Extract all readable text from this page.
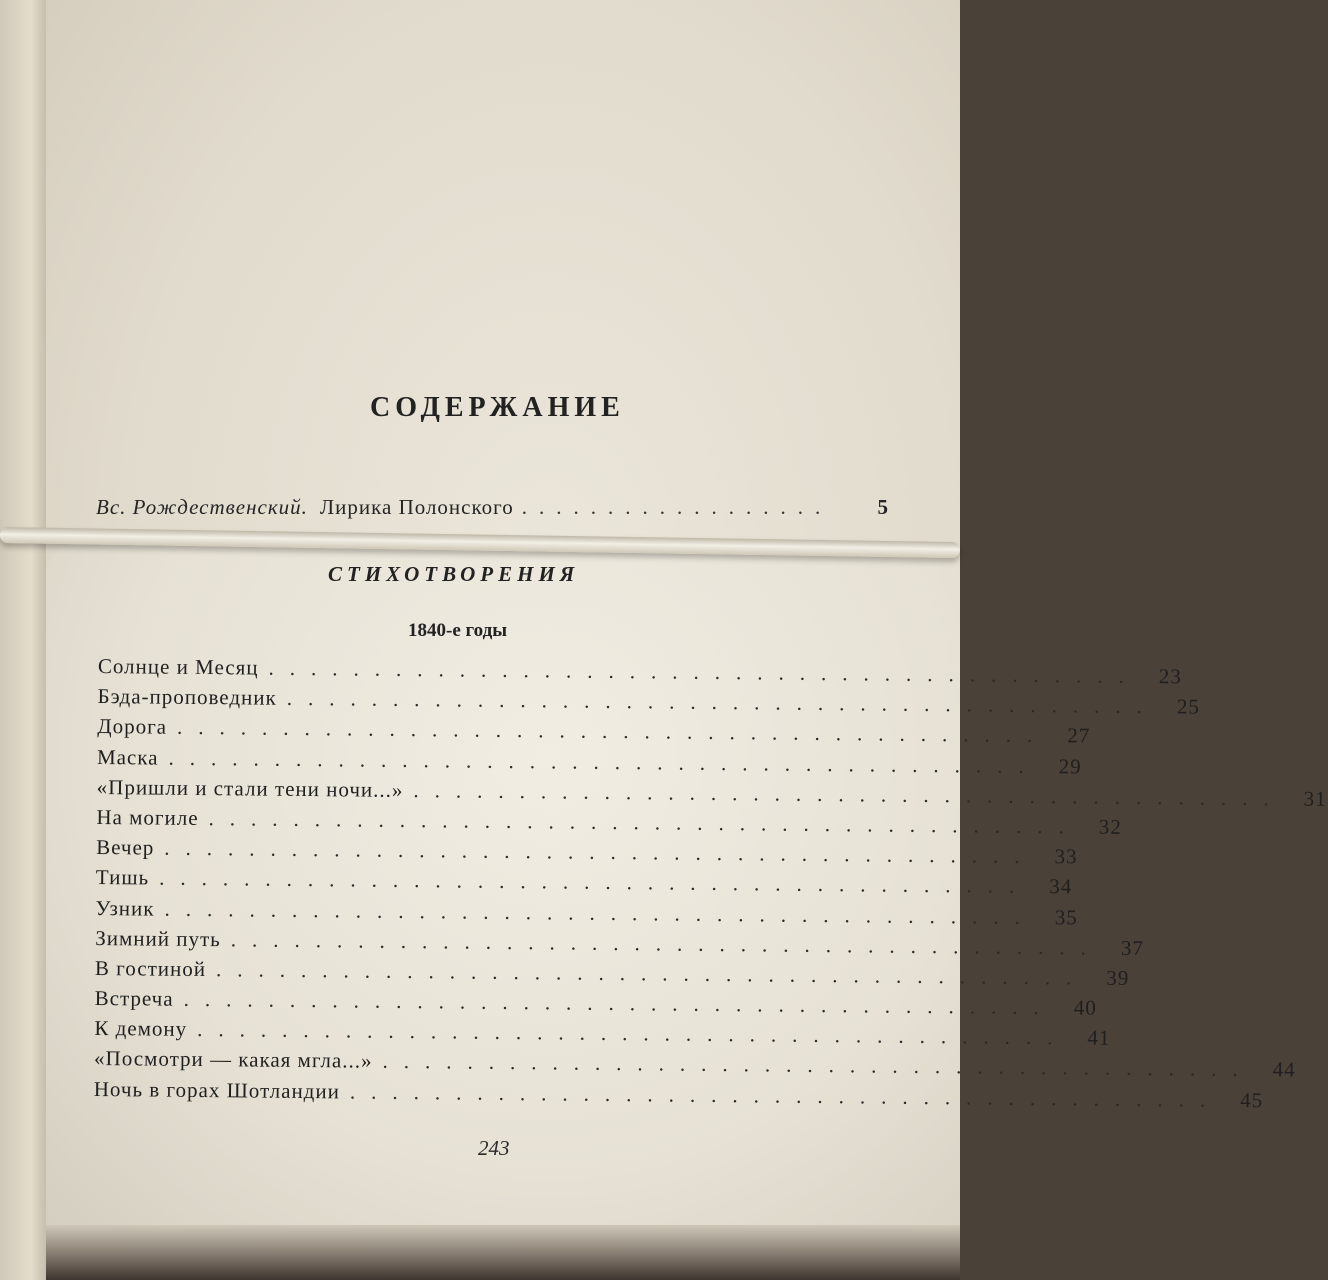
СОДЕРЖАНИЕ
Вс. Рождественский. Лирика Полонского ..................	5
СТИХОТВОРЕНИЯ
1840-е годы
Солнце и Месяц ......................................... 23
Бэда-проповедник ......................................... 25
Дорога ......................................... 27
Маска ......................................... 29
«Пришли и стали тени ночи...» ......................................... 31
На могиле ......................................... 32
Вечер ......................................... 33
Тишь ......................................... 34
Узник ......................................... 35
Зимний путь ......................................... 37
В гостиной ......................................... 39
Встреча ......................................... 40
К демону ......................................... 41
«Посмотри — какая мгла...» ......................................... 44
Ночь в горах Шотландии ......................................... 45
243
